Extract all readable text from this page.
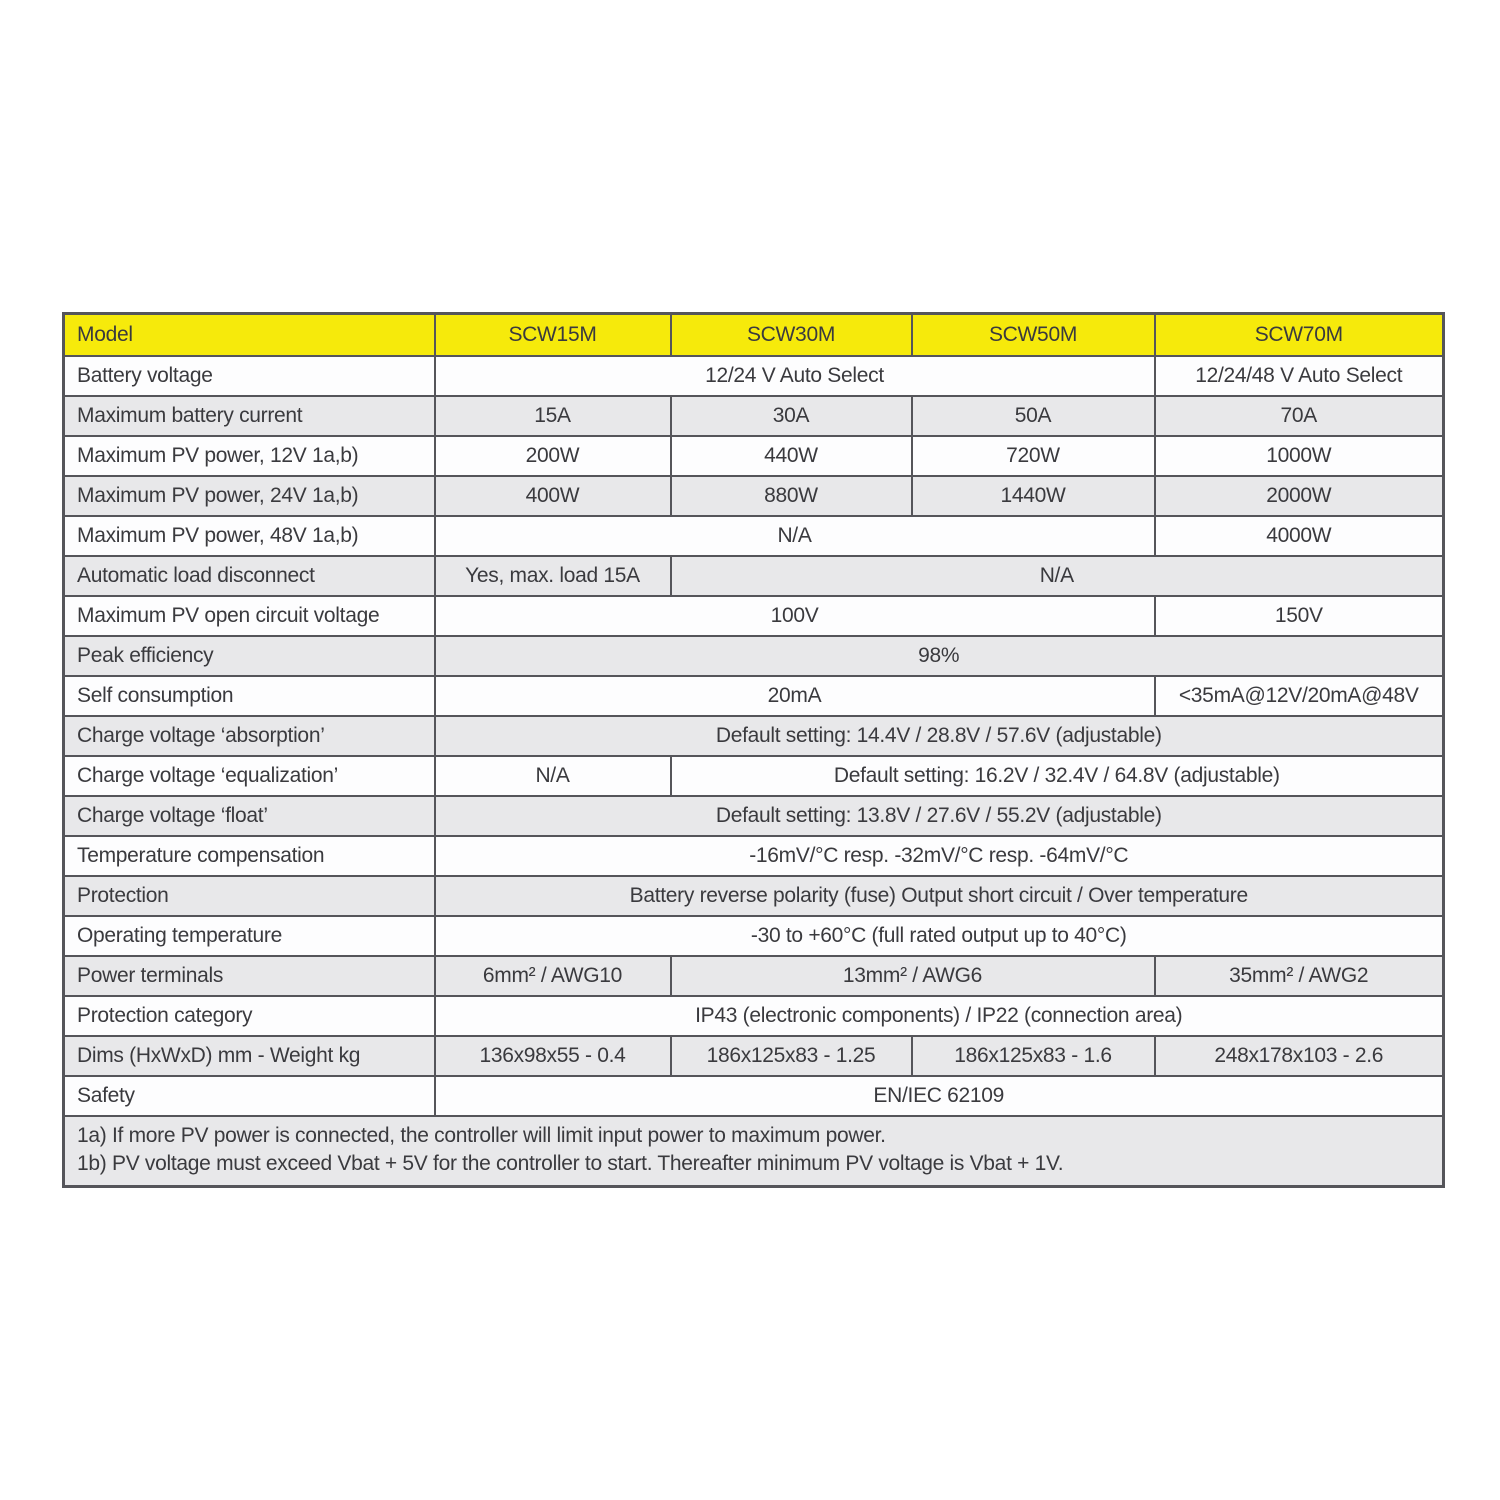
Model	SCW15M	SCW30M	SCW50M	SCW70M
Battery voltage	12/24 V Auto Select			12/24/48 V Auto Select
Maximum battery current	15A	30A	50A	70A
Maximum PV power, 12V 1a,b)	200W	440W	720W	1000W
Maximum PV power, 24V 1a,b)	400W	880W	1440W	2000W
Maximum PV power, 48V 1a,b)	N/A			4000W
Automatic load disconnect	Yes, max. load 15A	N/A		
Maximum PV open circuit voltage	100V			150V
Peak efficiency	98%			
Self consumption	20mA			<35mA@12V/20mA@48V
Charge voltage ‘absorption’	Default setting: 14.4V / 28.8V / 57.6V (adjustable)			
Charge voltage ‘equalization’	N/A	Default setting: 16.2V / 32.4V / 64.8V (adjustable)		
Charge voltage ‘float’	Default setting: 13.8V / 27.6V / 55.2V (adjustable)			
Temperature compensation	-16mV/°C resp. -32mV/°C resp. -64mV/°C			
Protection	Battery reverse polarity (fuse) Output short circuit / Over temperature			
Operating temperature	-30 to +60°C (full rated output up to 40°C)			
Power terminals	6mm² / AWG10	13mm² / AWG6		35mm² / AWG2
Protection category	IP43 (electronic components) / IP22 (connection area)			
Dims (HxWxD) mm - Weight kg	136x98x55 - 0.4	186x125x83 - 1.25	186x125x83 - 1.6	248x178x103 - 2.6
Safety	EN/IEC 62109			

1a) If more PV power is connected, the controller will limit input power to maximum power.
1b) PV voltage must exceed Vbat + 5V for the controller to start. Thereafter minimum PV voltage is Vbat + 1V.				
